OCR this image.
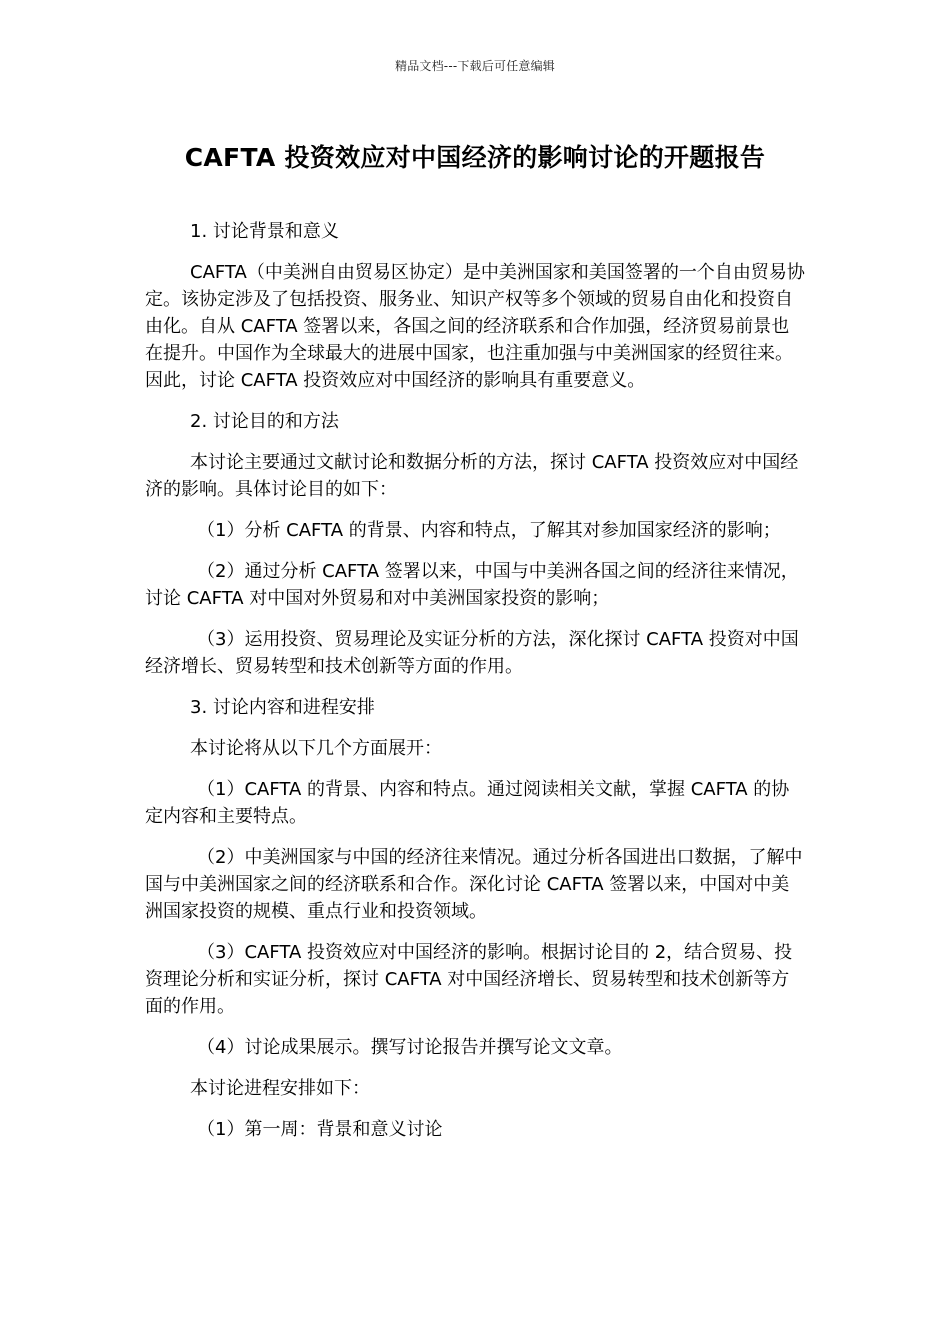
精品文档---下载后可任意编辑
CAFTA 投资效应对中国经济的影响讨论的开题报告

1. 讨论背景和意义

CAFTA（中美洲自由贸易区协定）是中美洲国家和美国签署的一个自由贸易协定。该协定涉及了包括投资、服务业、知识产权等多个领域的贸易自由化和投资自由化。自从 CAFTA 签署以来，各国之间的经济联系和合作加强，经济贸易前景也在提升。中国作为全球最大的进展中国家，也注重加强与中美洲国家的经贸往来。因此，讨论 CAFTA 投资效应对中国经济的影响具有重要意义。

2. 讨论目的和方法

本讨论主要通过文献讨论和数据分析的方法，探讨 CAFTA 投资效应对中国经济的影响。具体讨论目的如下：

（1）分析 CAFTA 的背景、内容和特点，了解其对参加国家经济的影响；

（2）通过分析 CAFTA 签署以来，中国与中美洲各国之间的经济往来情况，讨论 CAFTA 对中国对外贸易和对中美洲国家投资的影响；

（3）运用投资、贸易理论及实证分析的方法，深化探讨 CAFTA 投资对中国经济增长、贸易转型和技术创新等方面的作用。

3. 讨论内容和进程安排

本讨论将从以下几个方面展开：

（1）CAFTA 的背景、内容和特点。通过阅读相关文献，掌握 CAFTA 的协定内容和主要特点。

（2）中美洲国家与中国的经济往来情况。通过分析各国进出口数据，了解中国与中美洲国家之间的经济联系和合作。深化讨论 CAFTA 签署以来，中国对中美洲国家投资的规模、重点行业和投资领域。

（3）CAFTA 投资效应对中国经济的影响。根据讨论目的 2，结合贸易、投资理论分析和实证分析，探讨 CAFTA 对中国经济增长、贸易转型和技术创新等方面的作用。

（4）讨论成果展示。撰写讨论报告并撰写论文文章。

本讨论进程安排如下：

（1）第一周：背景和意义讨论
